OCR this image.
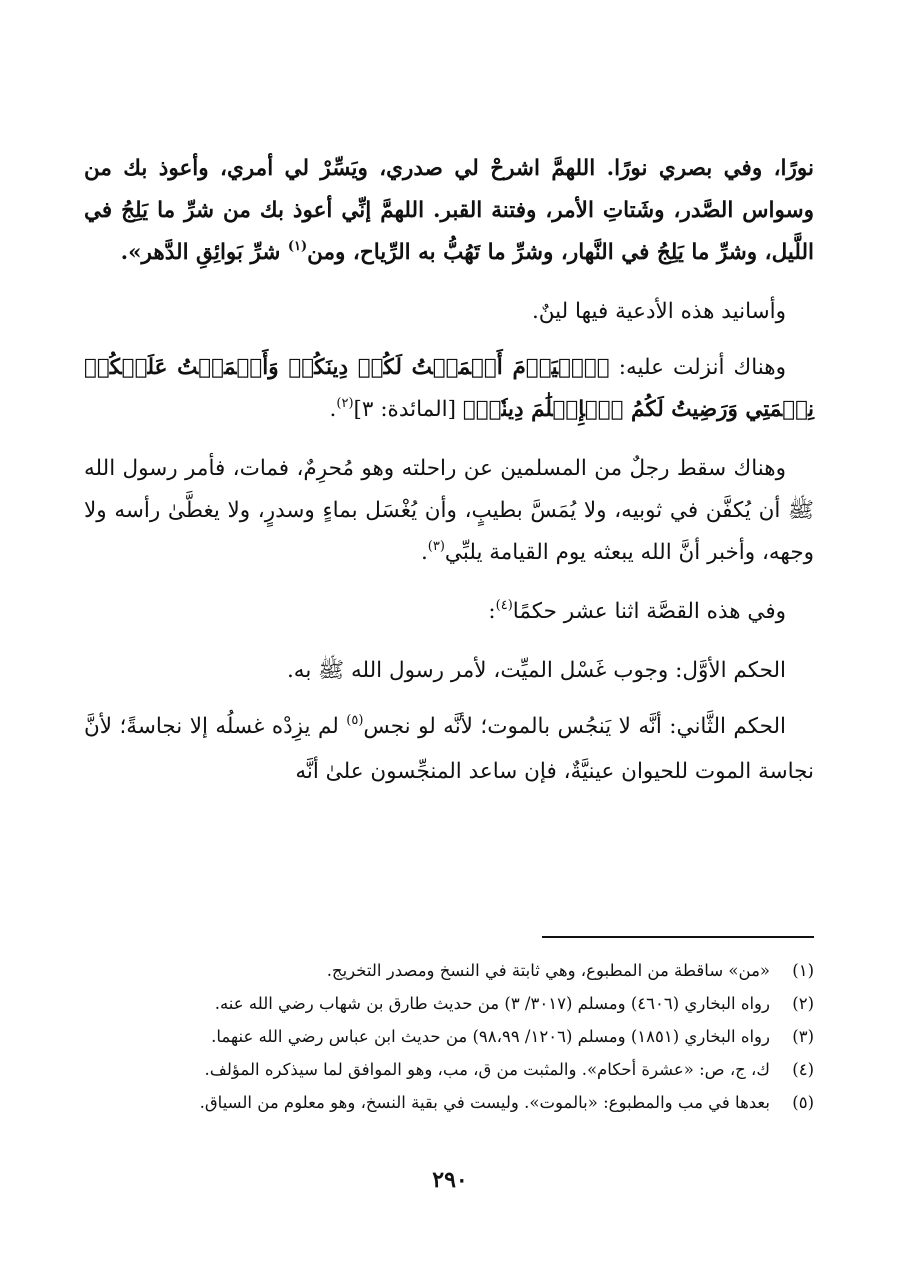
نورًا، وفي بصري نورًا. اللهمَّ اشرحْ لي صدري، ويَسِّرْ لي أمري، وأعوذ بك من وسواس الصَّدر، وشَتاتِ الأمر، وفتنة القبر. اللهمَّ إنِّي أعوذ بك من شرِّ ما يَلِجُ في اللَّيل، وشرِّ ما يَلِجُ في النَّهار، وشرِّ ما تَهُبُّ به الرِّياح، ومن$^{(١)}$ شرِّ بَوائِقِ الدَّهر».

وأسانيد هذه الأدعية فيها لينٌ.

وهناك أنزلت عليه: ﴿ٱلۡيَوۡمَ أَكۡمَلۡتُ لَكُمۡ دِينَكُمۡ وَأَتۡمَمۡتُ عَلَيۡكُمۡ نِعۡمَتِي وَرَضِيتُ لَكُمُ ٱلۡإِسۡلَٰمَ دِينٗاۚ﴾ [المائدة: ٣]$^{(٢)}$.

وهناك سقط رجلٌ من المسلمين عن راحلته وهو مُحرِمٌ، فمات، فأمر رسول الله ﷺ أن يُكفَّن في ثوبيه، ولا يُمَسَّ بطيبٍ، وأن يُغْسَل بماءٍ وسدرٍ، ولا يغطَّىٰ رأسه ولا وجهه، وأخبر أنَّ الله يبعثه يوم القيامة يلبِّي$^{(٣)}$.

وفي هذه القصَّة اثنا عشر حكمًا$^{(٤)}$:

الحكم الأوَّل: وجوب غَسْل الميِّت، لأمر رسول الله ﷺ به.

الحكم الثَّاني: أنَّه لا يَنجُس بالموت؛ لأنَّه لو نجس$^{(٥)}$ لم يزِدْه غسلُه إلا نجاسةً؛ لأنَّ نجاسة الموت للحيوان عينيَّةٌ، فإن ساعد المنجِّسون علىٰ أنَّه

(١)
«من» ساقطة من المطبوع، وهي ثابتة في النسخ ومصدر التخريج.
(٢)
رواه البخاري (٤٦٠٦) ومسلم (٣٠١٧/ ٣) من حديث طارق بن شهاب رضي الله عنه.
(٣)
رواه البخاري (١٨٥١) ومسلم (١٢٠٦/ ٩٨،٩٩) من حديث ابن عباس رضي الله عنهما.
(٤)
ك، ج، ص: «عشرة أحكام». والمثبت من ق، مب، وهو الموافق لما سيذكره المؤلف.
(٥)
بعدها في مب والمطبوع: «بالموت». وليست في بقية النسخ، وهو معلوم من السياق.
٢٩٠
